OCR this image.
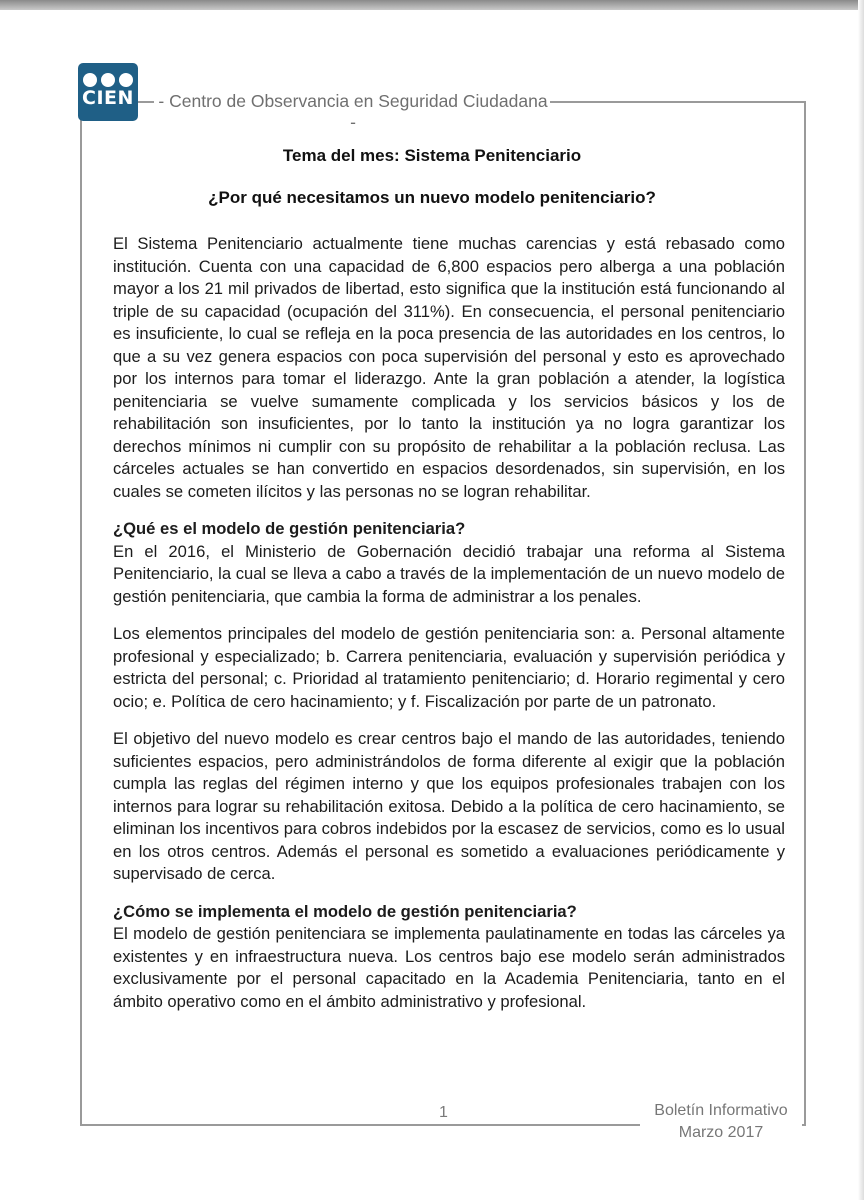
CIEN - Centro de Observancia en Seguridad Ciudadana -
Tema del mes: Sistema Penitenciario
¿Por qué necesitamos un nuevo modelo penitenciario?

El Sistema Penitenciario actualmente tiene muchas carencias y está rebasado como institución. Cuenta con una capacidad de 6,800 espacios pero alberga a una población mayor a los 21 mil privados de libertad, esto significa que la institución está funcionando al triple de su capacidad (ocupación del 311%). En consecuencia, el personal penitenciario es insuficiente, lo cual se refleja en la poca presencia de las autoridades en los centros, lo que a su vez genera espacios con poca supervisión del personal y esto es aprovechado por los internos para tomar el liderazgo. Ante la gran población a atender, la logística penitenciaria se vuelve sumamente complicada y los servicios básicos y los de rehabilitación son insuficientes, por lo tanto la institución ya no logra garantizar los derechos mínimos ni cumplir con su propósito de rehabilitar a la población reclusa. Las cárceles actuales se han convertido en espacios desordenados, sin supervisión, en los cuales se cometen ilícitos y las personas no se logran rehabilitar.

¿Qué es el modelo de gestión penitenciaria?

En el 2016, el Ministerio de Gobernación decidió trabajar una reforma al Sistema Penitenciario, la cual se lleva a cabo a través de la implementación de un nuevo modelo de gestión penitenciaria, que cambia la forma de administrar a los penales.

Los elementos principales del modelo de gestión penitenciaria son: a. Personal altamente profesional y especializado; b. Carrera penitenciaria, evaluación y supervisión periódica y estricta del personal; c. Prioridad al tratamiento penitenciario; d. Horario regimental y cero ocio; e. Política de cero hacinamiento; y f. Fiscalización por parte de un patronato.

El objetivo del nuevo modelo es crear centros bajo el mando de las autoridades, teniendo suficientes espacios, pero administrándolos de forma diferente al exigir que la población cumpla las reglas del régimen interno y que los equipos profesionales trabajen con los internos para lograr su rehabilitación exitosa. Debido a la política de cero hacinamiento, se eliminan los incentivos para cobros indebidos por la escasez de servicios, como es lo usual en los otros centros. Además el personal es sometido a evaluaciones periódicamente y supervisado de cerca.

¿Cómo se implementa el modelo de gestión penitenciaria?

El modelo de gestión penitenciara se implementa paulatinamente en todas las cárceles ya existentes y en infraestructura nueva. Los centros bajo ese modelo serán administrados exclusivamente por el personal capacitado en la Academia Penitenciaria, tanto en el ámbito operativo como en el ámbito administrativo y profesional.

1	Boletín Informativo
Marzo 2017
